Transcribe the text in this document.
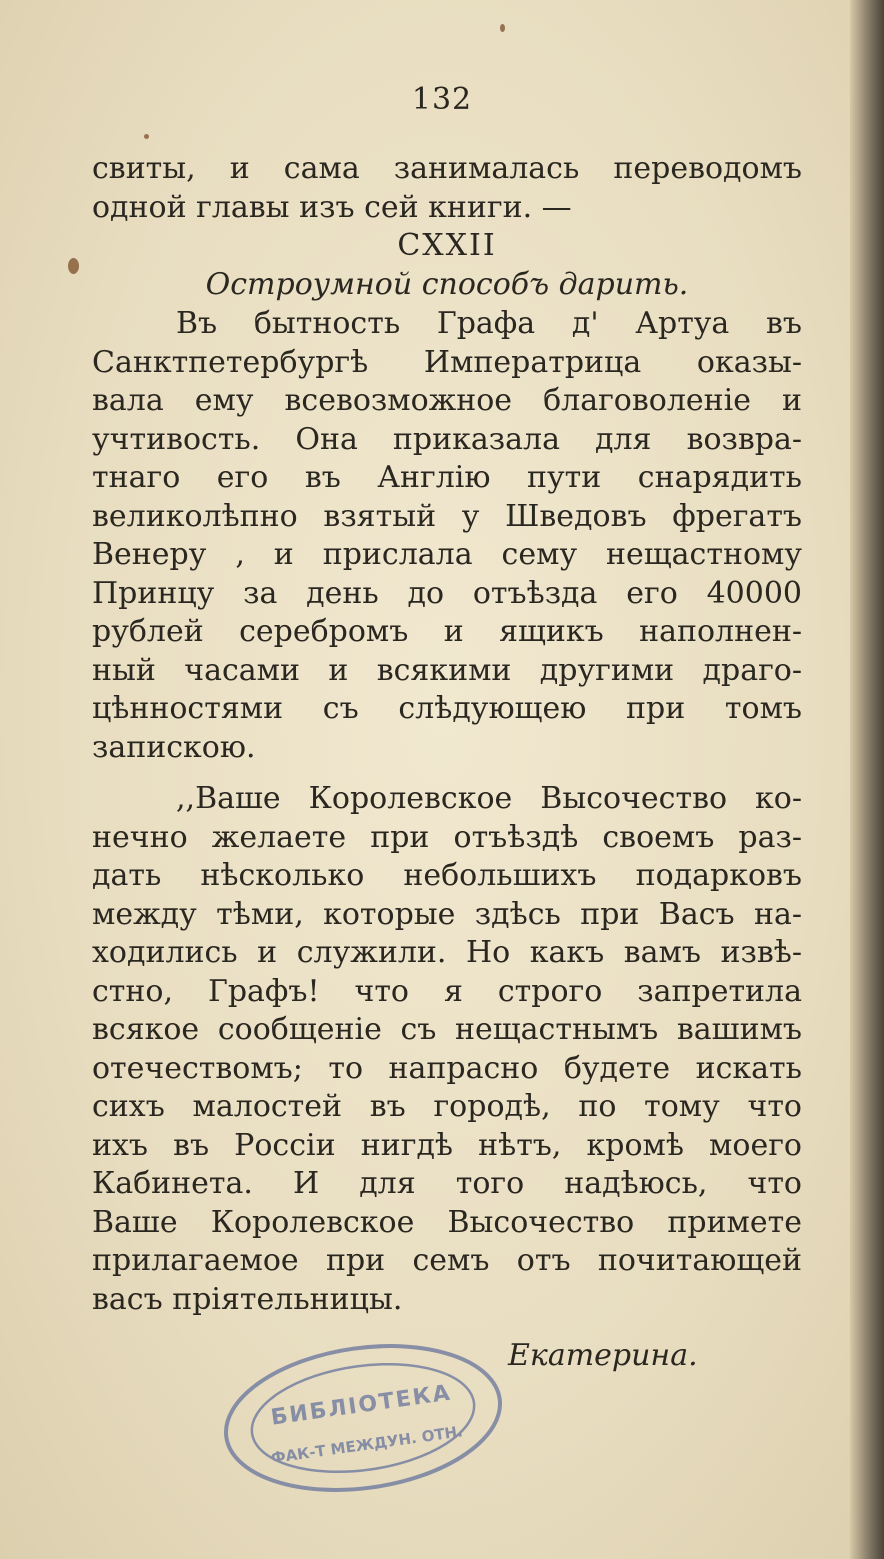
132
свиты, и сама занималась переводомъ
одной главы изъ сей книги. —
CXXII
Остроумной способъ дарить.
Въ бытность Графа д' Артуа въ
Санктпетербургѣ Императрица оказы-
вала ему всевозможное благоволенiе и
учтивость. Она приказала для возвра-
тнаго его въ Англiю пути снарядить
великолѣпно взятый у Шведовъ фрегатъ
Венеру , и прислала сему нещастному
Принцу за день до отъѣзда его 40000
рублей серебромъ и ящикъ наполнен-
ный часами и всякими другими драго-
цѣнностями съ слѣдующею при томъ
запискою.
,,Ваше Королевское Высочество ко-
нечно желаете при отъѣздѣ своемъ раз-
дать нѣсколько небольшихъ подарковъ
между тѣми, которые здѣсь при Васъ на-
ходились и служили. Но какъ вамъ извѣ-
стно, Графъ! что я строго запретила
всякое сообщенiе съ нещастнымъ вашимъ
отечествомъ; то напрасно будете искать
сихъ малостей въ городѣ, по тому что
ихъ въ Россiи нигдѣ нѣтъ, кромѣ моего
Кабинета. И для того надѣюсь, что
Ваше Королевское Высочество примете
прилагаемое при семъ отъ почитающей
васъ прiятельницы.
Екатерина.
БИБЛIОТЕКА
ФАК-Т МЕЖДУН. ОТН.
